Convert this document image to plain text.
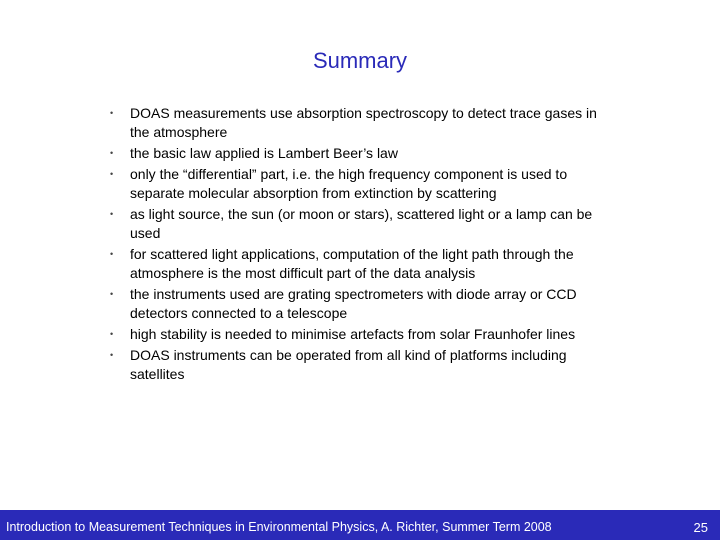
Summary
• DOAS measurements use absorption spectroscopy to detect trace gases in the atmosphere
• the basic law applied is Lambert Beer’s law
• only the “differential” part, i.e. the high frequency component is used to separate molecular absorption from extinction by scattering
• as light source, the sun (or moon or stars), scattered light or a lamp can be used
• for scattered light applications, computation of the light path through the atmosphere is the most difficult part of the data analysis
• the instruments used are grating spectrometers with diode array or CCD detectors connected to a telescope
• high stability is needed to minimise artefacts from solar Fraunhofer lines
• DOAS instruments can be operated from all kind of platforms including satellites
Introduction to Measurement Techniques in Environmental Physics, A. Richter, Summer Term 2008	25
